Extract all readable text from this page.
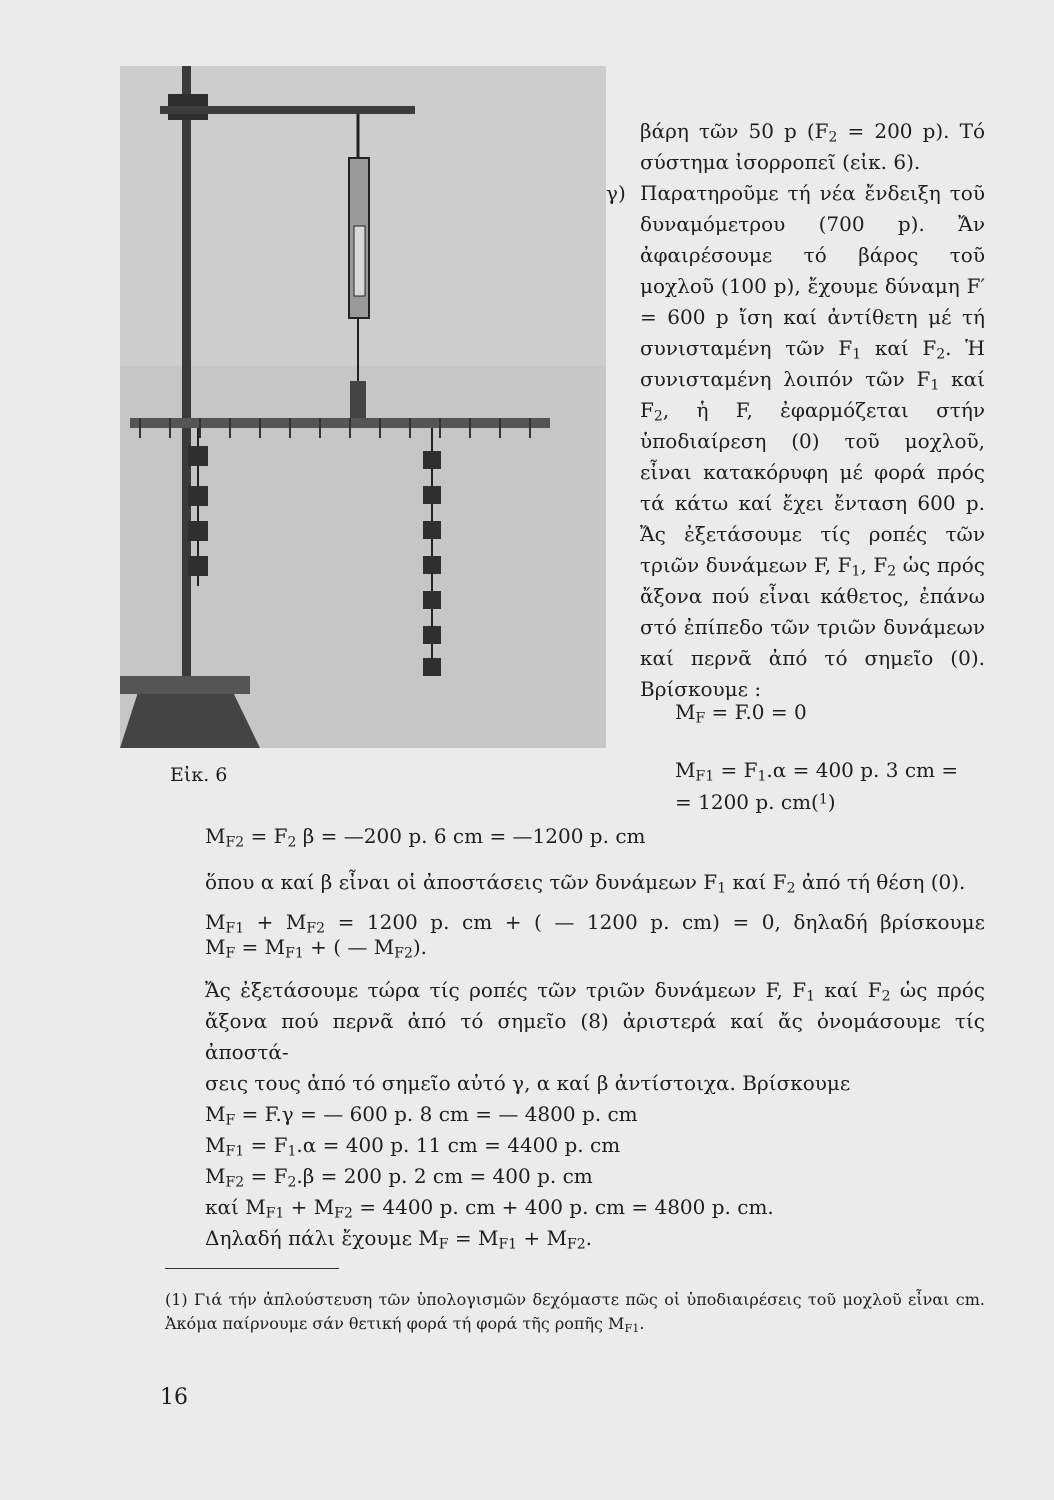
Εἰκ. 6

βάρη τῶν 50 p ($F_2 = 200$ p). Τό σύστημα ἰσορροπεῖ (εἰκ. 6).

γ) Παρατηροῦμε τή νέα ἔνδειξη τοῦ δυναμόμετρου (700 p). Ἄν ἀφαιρέσουμε τό βάρος τοῦ μοχλοῦ (100 p), ἔχουμε δύναμη F′ = 600 p ἴση καί ἀντίθετη μέ τή συνισταμένη τῶν $F_1$ καί $F_2$. Ἡ συνισταμένη λοιπόν τῶν $F_1$ καί $F_2$, ἡ F, ἐφαρμόζεται στήν ὑποδιαίρεση (0) τοῦ μοχλοῦ, εἶναι κατακόρυφη μέ φορά πρός τά κάτω καί ἔχει ἔνταση 600 p. Ἄς ἐξετάσουμε τίς ροπές τῶν τριῶν δυνάμεων F, $F_1$, $F_2$ ὡς πρός ἄξονα πού εἶναι κάθετος, ἐπάνω στό ἐπίπεδο τῶν τριῶν δυνάμεων καί περνᾶ ἀπό τό σημεῖο (0). Βρίσκουμε :

$M_F = F.0 = 0$
$M_{F1} = F_1.\alpha = 400$ p. 3 cm =
= 1200 p. cm($^1$)
$M_{F2} = F_2$ β = —200 p. 6 cm = —1200 p. cm

ὅπου α καί β εἶναι οἱ ἀποστάσεις τῶν δυνάμεων $F_1$ καί $F_2$ ἀπό τή θέση (0).

$M_{F1} + M_{F2} = 1200$ p. cm + ( — 1200 p. cm) = 0, δηλαδή βρίσκουμε

$M_F = M_{F1}$ + ( — $M_{F2}$).

Ἄς ἐξετάσουμε τώρα τίς ροπές τῶν τριῶν δυνάμεων F, $F_1$ καί $F_2$ ὡς πρός

ἄξονα πού περνᾶ ἀπό τό σημεῖο (8) ἀριστερά καί ἄς ὀνομάσουμε τίς ἀποστά-

σεις τους ἀπό τό σημεῖο αὐτό γ, α καί β ἀντίστοιχα. Βρίσκουμε

$M_F = F.\gamma$ = — 600 p. 8 cm = — 4800 p. cm

$M_{F1} = F_1.\alpha = 400$ p. 11 cm = 4400 p. cm

$M_{F2} = F_2.\beta = 200$ p. 2 cm = 400 p. cm

καί $M_{F1} + M_{F2} = 4400$ p. cm + 400 p. cm = 4800 p. cm.

Δηλαδή πάλι ἔχουμε $M_F = M_{F1} + M_{F2}$.

(1) Γιά τήν ἀπλούστευση τῶν ὑπολογισμῶν δεχόμαστε πῶς οἱ ὑποδιαιρέσεις τοῦ μοχλοῦ εἶναι cm. Ἀκόμα παίρνουμε σάν θετική φορά τή φορά τῆς ροπῆς $M_{F1}$.

16
